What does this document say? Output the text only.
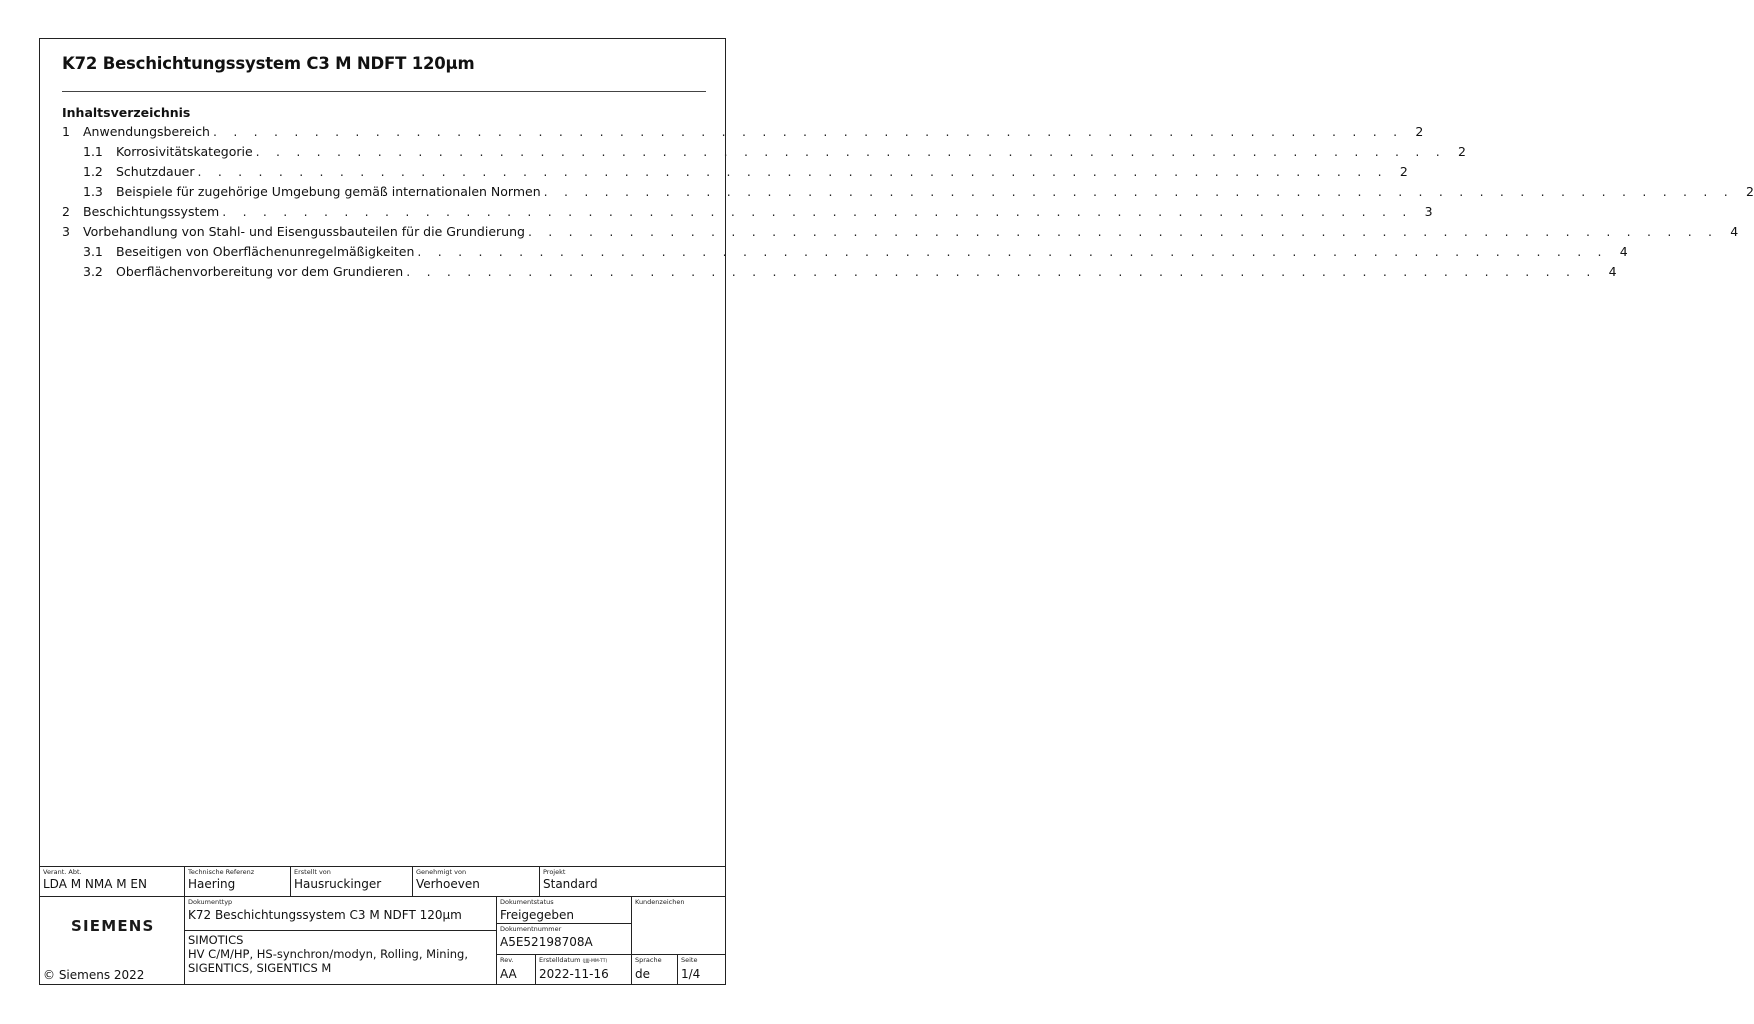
K72 Beschichtungssystem C3 M NDFT 120µm
Inhaltsverzeichnis
1	Anwendungsbereich . . . . . . . . . . . . . . . . . . . . . . . . . . . . . . . . . . . . . . . . . . . . . . . . . . . . . . . . . . . 2
1.1	Korrosivitätskategorie . . . . . . . . . . . . . . . . . . . . . . . . . . . . . . . . . . . . . . . . . . . . . . . . . . . . . . . . . . . 2
1.2	Schutzdauer . . . . . . . . . . . . . . . . . . . . . . . . . . . . . . . . . . . . . . . . . . . . . . . . . . . . . . . . . . . 2
1.3	Beispiele für zugehörige Umgebung gemäß internationalen Normen . . . . . . . . . . . . . . . . . . . . . . . . . . . . . . . . . . . . . . . . . . . . . . . . . . . . . . . . . . . 2
2	Beschichtungssystem . . . . . . . . . . . . . . . . . . . . . . . . . . . . . . . . . . . . . . . . . . . . . . . . . . . . . . . . . . . 3
3	Vorbehandlung von Stahl- und Eisengussbauteilen für die Grundierung . . . . . . . . . . . . . . . . . . . . . . . . . . . . . . . . . . . . . . . . . . . . . . . . . . . . . . . . . . . 4
3.1	Beseitigen von Oberflächenunregelmäßigkeiten . . . . . . . . . . . . . . . . . . . . . . . . . . . . . . . . . . . . . . . . . . . . . . . . . . . . . . . . . . . 4
3.2	Oberflächenvorbereitung vor dem Grundieren . . . . . . . . . . . . . . . . . . . . . . . . . . . . . . . . . . . . . . . . . . . . . . . . . . . . . . . . . . . 4
Verant. Abt.
LDA M NMA M EN
Technische Referenz
Haering
Erstellt von
Hausruckinger
Genehmigt von
Verhoeven
Projekt
Standard
SIEMENS
© Siemens 2022
Dokumenttyp
K72 Beschichtungssystem C3 M NDFT 120µm
SIMOTICS
HV C/M/HP, HS-synchron/modyn, Rolling, Mining,
SIGENTICS, SIGENTICS M
Dokumentstatus
Freigegeben
Kundenzeichen
Dokumentnummer
A5E52198708A
Rev.
AA
Erstelldatum (JJJJ-MM-TT)
2022-11-16
Sprache
de
Seite
1/4
